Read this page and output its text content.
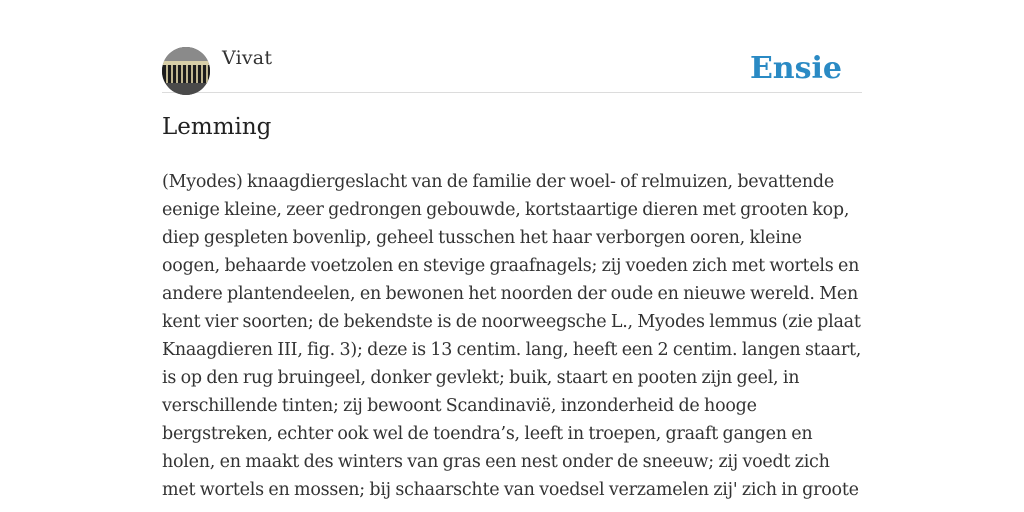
Vivat	Ensie
Lemming

(Myodes) knaagdiergeslacht van de familie der woel- of relmuizen, bevattende eenige kleine, zeer gedrongen gebouwde, kortstaartige dieren met grooten kop, diep gespleten bovenlip, geheel tusschen het haar verborgen ooren, kleine oogen, behaarde voetzolen en stevige graafnagels; zij voeden zich met wortels en andere plantendeelen, en bewonen het noorden der oude en nieuwe wereld. Men kent vier soorten; de bekendste is de noorweegsche L., Myodes lemmus (zie plaat Knaagdieren III, fig. 3); deze is 13 centim. lang, heeft een 2 centim. langen staart, is op den rug bruingeel, donker gevlekt; buik, staart en pooten zijn geel, in verschillende tinten; zij bewoont Scandinavië, inzonderheid de hooge bergstreken, echter ook wel de toendra’s, leeft in troepen, graaft gangen en holen, en maakt des winters van gras een nest onder de sneeuw; zij voedt zich met wortels en mossen; bij schaarschte van voedsel verzamelen zij' zich in groote
